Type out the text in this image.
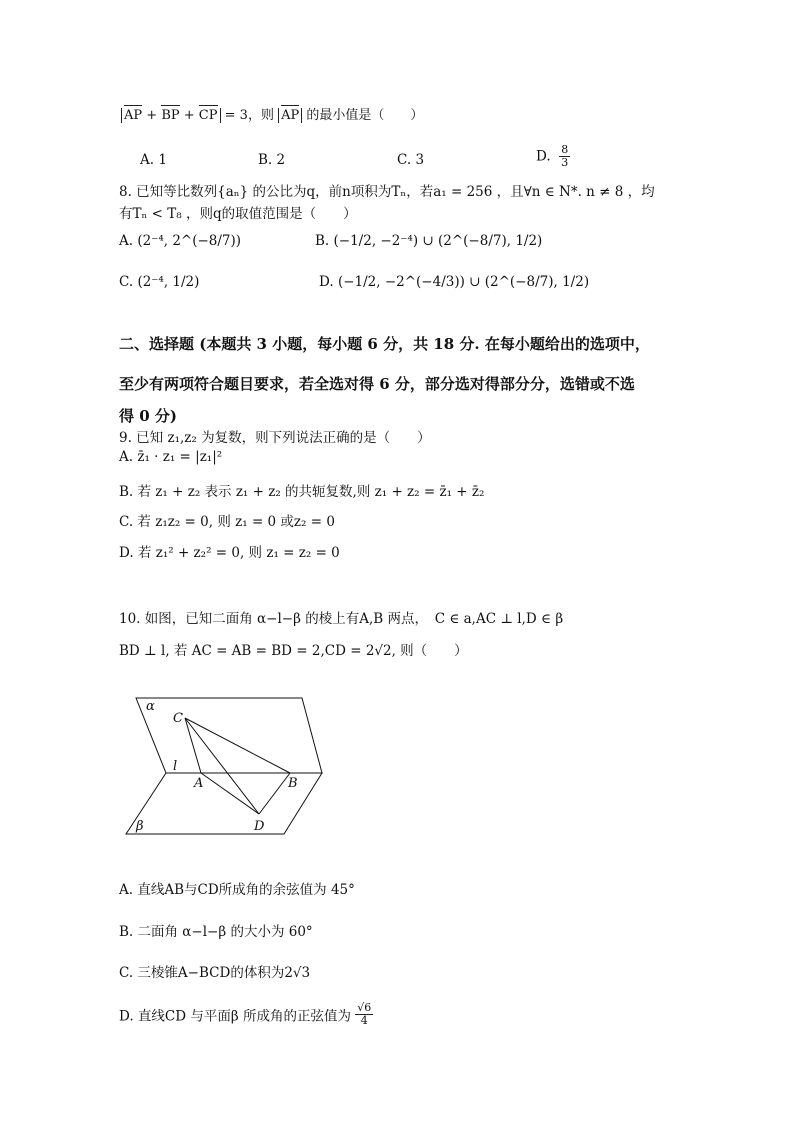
AP + BP + CP = 3，则 AP 的最小值是（　　）
A. 1	B. 2	C. 3	D. $\frac{8}{3}$
8. 已知等比数列{aₙ} 的公比为q，前n项积为Tₙ，若a₁ = 256 ，且∀n ∈ N*. n ≠ 8 ，均
有Tₙ < T₈ ，则q的取值范围是（　　）
A. (2⁻⁴, 2^(−8/7))	B. (−1/2, −2⁻⁴) ∪ (2^(−8/7), 1/2)
C. (2⁻⁴, 1/2)	D. (−1/2, −2^(−4/3)) ∪ (2^(−8/7), 1/2)
二、选择题 (本题共 3 小题，每小题 6 分，共 18 分. 在每小题给出的选项中，
至少有两项符合题目要求，若全选对得 6 分，部分选对得部分分，选错或不选
得 0 分)
9. 已知 z₁,z₂ 为复数，则下列说法正确的是（　　）
A. z̄₁ · z₁ = |z₁|²
B. 若 z₁ + z₂ 表示 z₁ + z₂ 的共轭复数,则 z₁ + z₂ = z̄₁ + z̄₂
C. 若 z₁z₂ = 0, 则 z₁ = 0 或z₂ = 0
D. 若 z₁² + z₂² = 0, 则 z₁ = z₂ = 0
10. 如图，已知二面角 α−l−β 的棱上有A,B 两点，　C ∈ a,AC ⊥ l,D ∈ β
BD ⊥ l, 若 AC = AB = BD = 2,CD = 2√2, 则（　　）
α
l
C
A	B
D
β
A. 直线AB与CD所成角的余弦值为 45°
B. 二面角 α−l−β 的大小为 60°
C. 三棱锥A−BCD的体积为2√3
D. 直线CD 与平面β 所成角的正弦值为 $\frac{√6}{4}$
